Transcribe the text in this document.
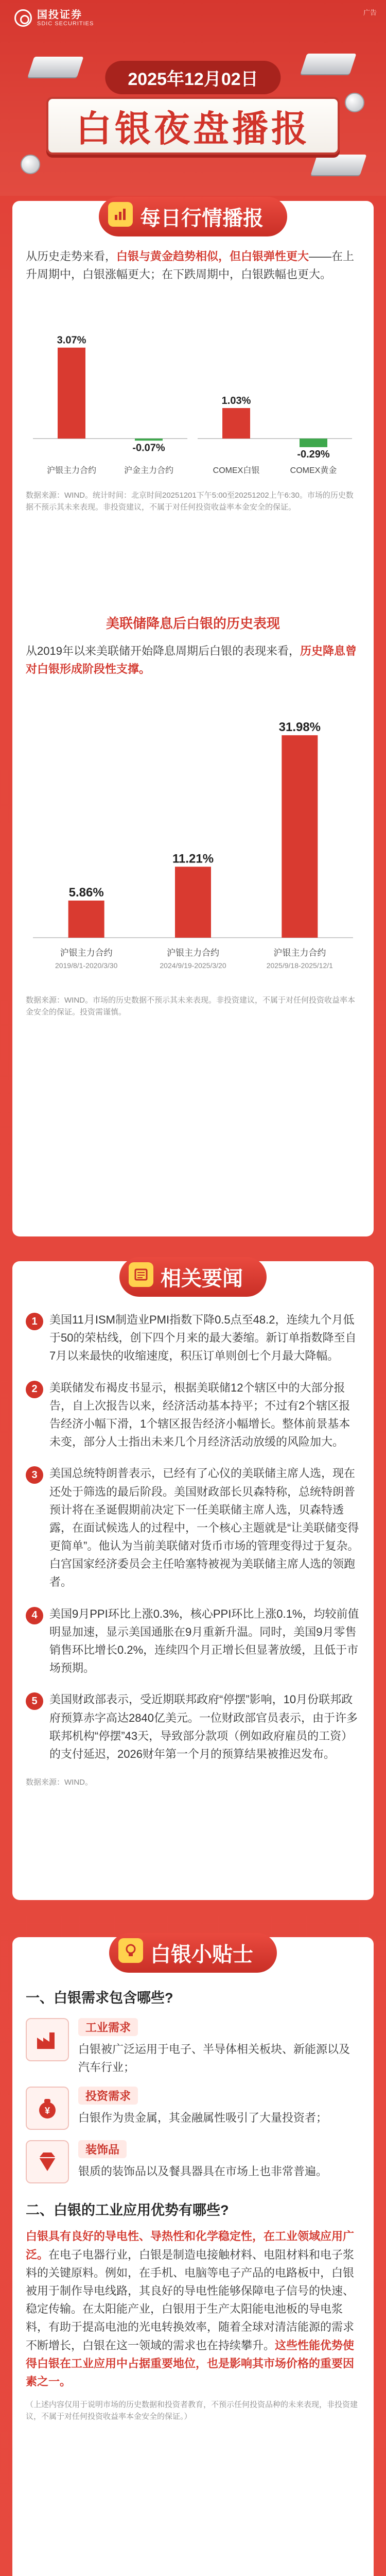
国投证券
SDIC SECURITIES
广告
2025年12月02日
白银夜盘播报
每日行情播报
从历史走势来看，白银与黄金趋势相似，但白银弹性更大——在上升周期中，白银涨幅更大；在下跌周期中，白银跌幅也更大。
3.07%
沪银主力合约
-0.07%
沪金主力合约
1.03%
COMEX白银
-0.29%
COMEX黄金
数据来源：WIND。统计时间：北京时间20251201下午5:00至20251202上午6:30。市场的历史数据不预示其未来表现。非投资建议，不属于对任何投资收益率本金安全的保证。
美联储降息后白银的历史表现
从2019年以来美联储开始降息周期后白银的表现来看，历史降息曾对白银形成阶段性支撑。
5.86%
沪银主力合约
2019/8/1-2020/3/30
11.21%
沪银主力合约
2024/9/19-2025/3/20
31.98%
沪银主力合约
2025/9/18-2025/12/1
数据来源：WIND。市场的历史数据不预示其未来表现。非投资建议，不属于对任何投资收益率本金安全的保证。投资需谨慎。
相关要闻
1	美国11月ISM制造业PMI指数下降0.5点至48.2，连续九个月低于50的荣枯线，创下四个月来的最大萎缩。新订单指数降至自7月以来最快的收缩速度，积压订单则创七个月最大降幅。
2	美联储发布褐皮书显示，根据美联储12个辖区中的大部分报告，自上次报告以来，经济活动基本持平；不过有2个辖区报告经济小幅下滑，1个辖区报告经济小幅增长。整体前景基本未变，部分人士指出未来几个月经济活动放缓的风险加大。
3	美国总统特朗普表示，已经有了心仪的美联储主席人选，现在还处于筛选的最后阶段。美国财政部长贝森特称，总统特朗普预计将在圣诞假期前决定下一任美联储主席人选，贝森特透露，在面试候选人的过程中，一个核心主题就是“让美联储变得更简单”。他认为当前美联储对货币市场的管理变得过于复杂。白宫国家经济委员会主任哈塞特被视为美联储主席人选的领跑者。
4	美国9月PPI环比上涨0.3%，核心PPI环比上涨0.1%，均较前值明显加速，显示美国通胀在9月重新升温。同时，美国9月零售销售环比增长0.2%，连续四个月正增长但显著放缓，且低于市场预期。
5	美国财政部表示，受近期联邦政府“停摆”影响，10月份联邦政府预算赤字高达2840亿美元。一位财政部官员表示，由于许多联邦机构“停摆”43天，导致部分款项（例如政府雇员的工资）的支付延迟，2026财年第一个月的预算结果被推迟发布。
数据来源：WIND。
白银小贴士
一、白银需求包含哪些?
工业需求
白银被广泛运用于电子、半导体相关板块、新能源以及汽车行业；
¥
投资需求
白银作为贵金属，其金融属性吸引了大量投资者；
装饰品
银质的装饰品以及餐具器具在市场上也非常普遍。
二、白银的工业应用优势有哪些?
白银具有良好的导电性、导热性和化学稳定性，在工业领域应用广泛。在电子电器行业，白银是制造电接触材料、电阻材料和电子浆料的关键原料。例如，在手机、电脑等电子产品的电路板中，白银被用于制作导电线路，其良好的导电性能够保障电子信号的快速、稳定传输。在太阳能产业，白银用于生产太阳能电池板的导电浆料，有助于提高电池的光电转换效率，随着全球对清洁能源的需求不断增长，白银在这一领域的需求也在持续攀升。这些性能优势使得白银在工业应用中占据重要地位，也是影响其市场价格的重要因素之一。
（上述内容仅用于说明市场的历史数据和投资者教育，不预示任何投资品种的未来表现，非投资建议，不属于对任何投资收益率本金安全的保证。）
